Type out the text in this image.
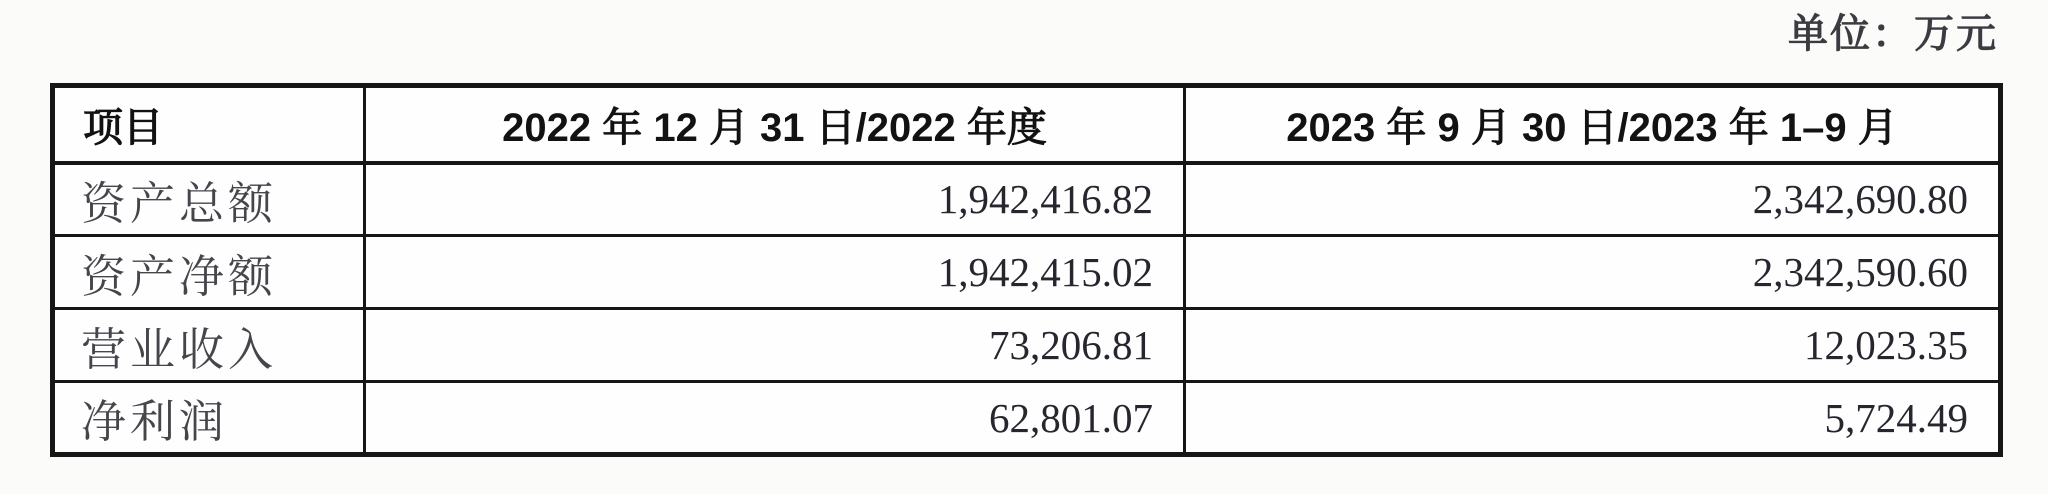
单位：万元
项目	2022 年 12 月 31 日/2022 年度	2023 年 9 月 30 日/2023 年 1–9 月
资产总额	1,942,416.82	2,342,690.80
资产净额	1,942,415.02	2,342,590.60
营业收入	73,206.81	12,023.35
净利润	62,801.07	5,724.49
